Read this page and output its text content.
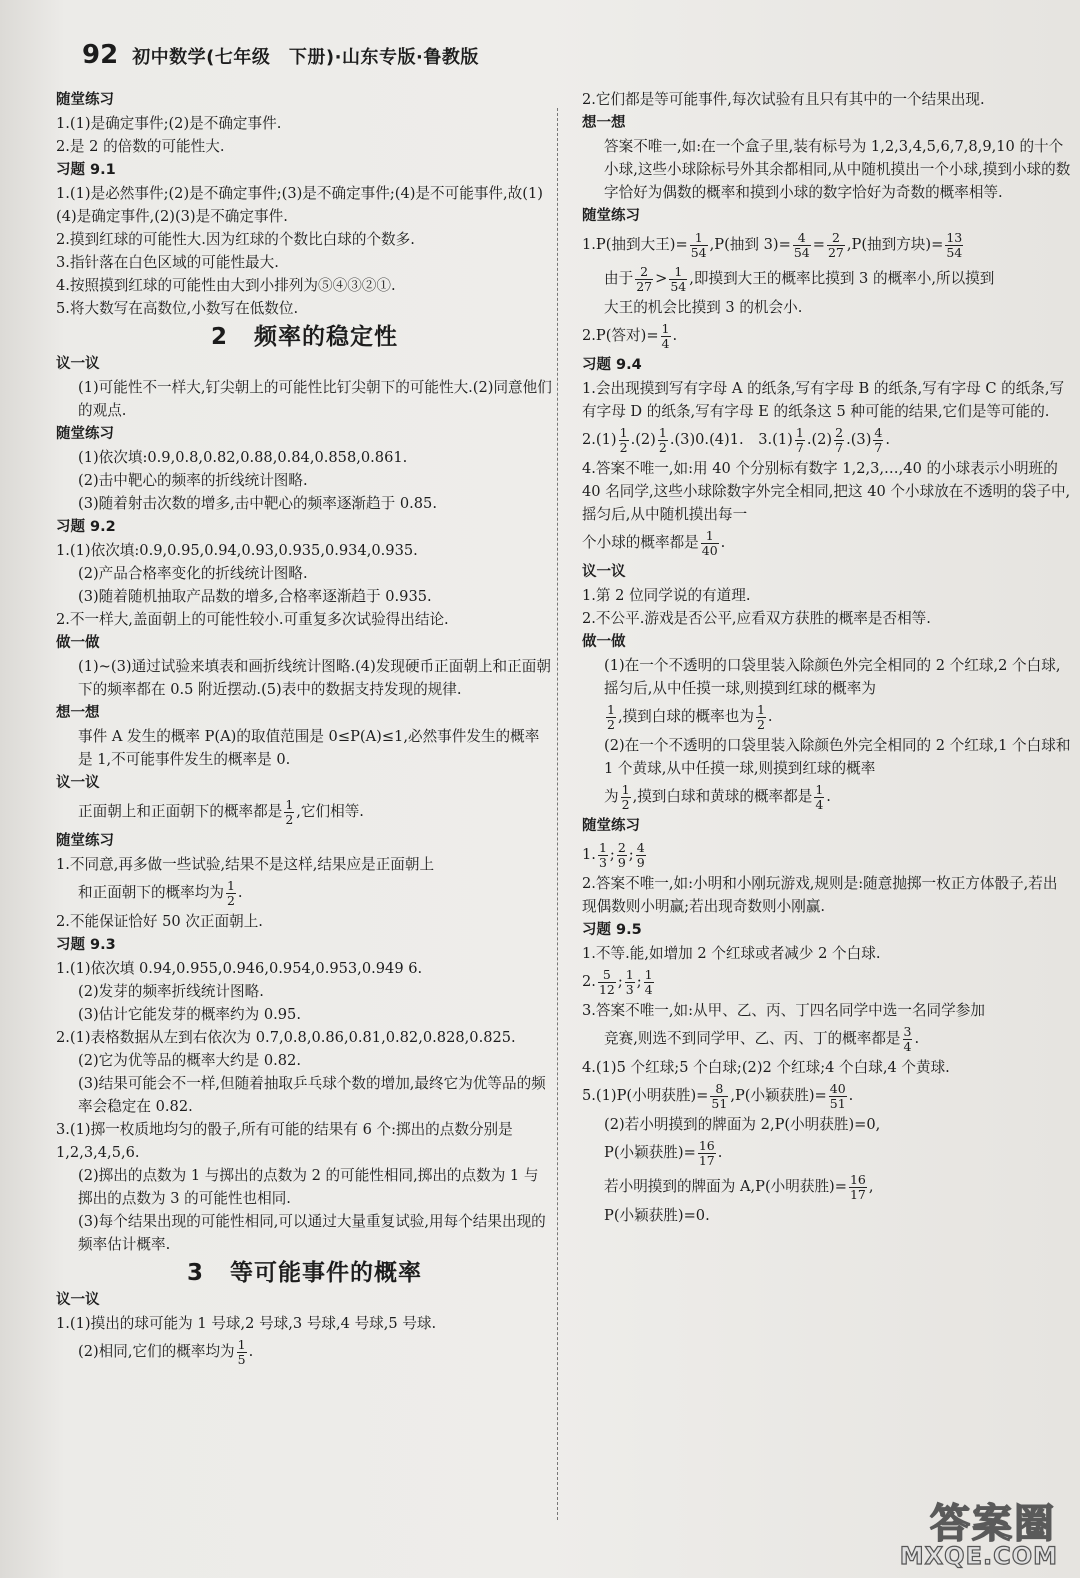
92 初中数学(七年级　下册)·山东专版·鲁教版
随堂练习
1.(1)是确定事件;(2)是不确定事件.
2.是 2 的倍数的可能性大.
习题 9.1
1.(1)是必然事件;(2)是不确定事件;(3)是不确定事件;(4)是不可能事件,故(1)(4)是确定事件,(2)(3)是不确定事件.
2.摸到红球的可能性大.因为红球的个数比白球的个数多.
3.指针落在白色区域的可能性最大.
4.按照摸到红球的可能性由大到小排列为⑤④③②①.
5.将大数写在高数位,小数写在低数位.
2 频率的稳定性
议一议
(1)可能性不一样大,钉尖朝上的可能性比钉尖朝下的可能性大.(2)同意他们的观点.
随堂练习
(1)依次填:0.9,0.8,0.82,0.88,0.84,0.858,0.861.
(2)击中靶心的频率的折线统计图略.
(3)随着射击次数的增多,击中靶心的频率逐渐趋于 0.85.
习题 9.2
1.(1)依次填:0.9,0.95,0.94,0.93,0.935,0.934,0.935.
(2)产品合格率变化的折线统计图略.
(3)随着随机抽取产品数的增多,合格率逐渐趋于 0.935.
2.不一样大,盖面朝上的可能性较小.可重复多次试验得出结论.
做一做
(1)~(3)通过试验来填表和画折线统计图略.(4)发现硬币正面朝上和正面朝下的频率都在 0.5 附近摆动.(5)表中的数据支持发现的规律.
想一想
事件 A 发生的概率 P(A)的取值范围是 0≤P(A)≤1,必然事件发生的概率是 1,不可能事件发生的概率是 0.
议一议
正面朝上和正面朝下的概率都是 $\frac{1}{2}$ ,它们相等.
随堂练习
1.不同意,再多做一些试验,结果不是这样,结果应是正面朝上
和正面朝下的概率均为 $\frac{1}{2}$ .
2.不能保证恰好 50 次正面朝上.
习题 9.3
1.(1)依次填 0.94,0.955,0.946,0.954,0.953,0.949 6.
(2)发芽的频率折线统计图略.
(3)估计它能发芽的概率约为 0.95.
2.(1)表格数据从左到右依次为 0.7,0.8,0.86,0.81,0.82,0.828,0.825.
(2)它为优等品的概率大约是 0.82.
(3)结果可能会不一样,但随着抽取乒乓球个数的增加,最终它为优等品的频率会稳定在 0.82.
3.(1)掷一枚质地均匀的骰子,所有可能的结果有 6 个:掷出的点数分别是 1,2,3,4,5,6.
(2)掷出的点数为 1 与掷出的点数为 2 的可能性相同,掷出的点数为 1 与掷出的点数为 3 的可能性也相同.
(3)每个结果出现的可能性相同,可以通过大量重复试验,用每个结果出现的频率估计概率.
3 等可能事件的概率
议一议
1.(1)摸出的球可能为 1 号球,2 号球,3 号球,4 号球,5 号球.
(2)相同,它们的概率均为 $\frac{1}{5}$ .
2.它们都是等可能事件,每次试验有且只有其中的一个结果出现.
想一想
答案不唯一,如:在一个盒子里,装有标号为 1,2,3,4,5,6,7,8,9,10 的十个小球,这些小球除标号外其余都相同,从中随机摸出一个小球,摸到小球的数字恰好为偶数的概率和摸到小球的数字恰好为奇数的概率相等.
随堂练习
1.P(抽到大王)= $\frac{1}{54} ,P$(抽到 $3)= \frac{4}{54} = \frac{2}{27} ,P$(抽到方块)= $\frac{13}{54}$
由于 $\frac{2}{27} > \frac{1}{54}$ ,即摸到大王的概率比摸到 3 的概率小,所以摸到
大王的机会比摸到 3 的机会小.
2.P(答对)= $\frac{1}{4}$ .
习题 9.4
1.会出现摸到写有字母 A 的纸条,写有字母 B 的纸条,写有字母 C 的纸条,写有字母 D 的纸条,写有字母 E 的纸条这 5 种可能的结果,它们是等可能的.
$2.(1) \frac{1}{2} .(2) \frac{1}{2} .(3)0.(4)1$.　$3.(1) \frac{1}{7} .(2) \frac{2}{7} .(3) \frac{4}{7}$ .
4.答案不唯一,如:用 40 个分别标有数字 1,2,3,…,40 的小球表示小明班的 40 名同学,这些小球除数字外完全相同,把这 40 个小球放在不透明的袋子中,摇匀后,从中随机摸出每一
个小球的概率都是 $\frac{1}{40}$ .
议一议
1.第 2 位同学说的有道理.
2.不公平.游戏是否公平,应看双方获胜的概率是否相等.
做一做
(1)在一个不透明的口袋里装入除颜色外完全相同的 2 个红球,2 个白球,摇匀后,从中任摸一球,则摸到红球的概率为
$\frac{1}{2}$ ,摸到白球的概率也为 $\frac{1}{2}$ .
(2)在一个不透明的口袋里装入除颜色外完全相同的 2 个红球,1 个白球和 1 个黄球,从中任摸一球,则摸到红球的概率
为 $\frac{1}{2}$ ,摸到白球和黄球的概率都是 $\frac{1}{4}$ .
随堂练习
1. $\frac{1}{3}$ ; $\frac{2}{9}$ ; $\frac{4}{9}$
2.答案不唯一,如:小明和小刚玩游戏,规则是:随意抛掷一枚正方体骰子,若出现偶数则小明赢;若出现奇数则小刚赢.
习题 9.5
1.不等.能,如增加 2 个红球或者减少 2 个白球.
2. $\frac{5}{12}$ ; $\frac{1}{3}$ ; $\frac{1}{4}$
3.答案不唯一,如:从甲、乙、丙、丁四名同学中选一名同学参加
竞赛,则选不到同学甲、乙、丙、丁的概率都是 $\frac{3}{4}$ .
4.(1)5 个红球;5 个白球;(2)2 个红球;4 个白球,4 个黄球.
5.(1)P(小明获胜)= $\frac{8}{51} ,P$(小颖获胜)= $\frac{40}{51}$ .
(2)若小明摸到的牌面为 2,P(小明获胜)=0,
P(小颖获胜)= $\frac{16}{17}$ .
若小明摸到的牌面为 A,P(小明获胜)= $\frac{16}{17}$ ,
P(小颖获胜)=0.
答案圈
MXQE.COM
